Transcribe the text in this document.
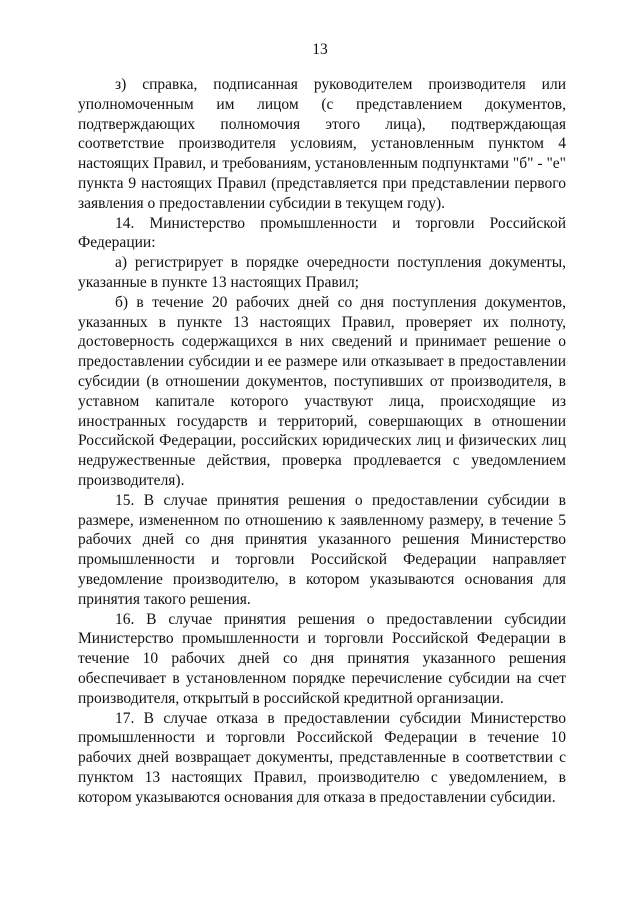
13

з) справка, подписанная руководителем производителя или уполномоченным им лицом (с представлением документов, подтверждающих полномочия этого лица), подтверждающая соответствие производителя условиям, установленным пунктом 4 настоящих Правил, и требованиям, установленным подпунктами "б" - "е" пункта 9 настоящих Правил (представляется при представлении первого заявления о предоставлении субсидии в текущем году).

14. Министерство промышленности и торговли Российской Федерации:

а) регистрирует в порядке очередности поступления документы, указанные в пункте 13 настоящих Правил;

б) в течение 20 рабочих дней со дня поступления документов, указанных в пункте 13 настоящих Правил, проверяет их полноту, достоверность содержащихся в них сведений и принимает решение о предоставлении субсидии и ее размере или отказывает в предоставлении субсидии (в отношении документов, поступивших от производителя, в уставном капитале которого участвуют лица, происходящие из иностранных государств и территорий, совершающих в отношении Российской Федерации, российских юридических лиц и физических лиц недружественные действия, проверка продлевается с уведомлением производителя).

15. В случае принятия решения о предоставлении субсидии в размере, измененном по отношению к заявленному размеру, в течение 5 рабочих дней со дня принятия указанного решения Министерство промышленности и торговли Российской Федерации направляет уведомление производителю, в котором указываются основания для принятия такого решения.

16. В случае принятия решения о предоставлении субсидии Министерство промышленности и торговли Российской Федерации в течение 10 рабочих дней со дня принятия указанного решения обеспечивает в установленном порядке перечисление субсидии на счет производителя, открытый в российской кредитной организации.

17. В случае отказа в предоставлении субсидии Министерство промышленности и торговли Российской Федерации в течение 10 рабочих дней возвращает документы, представленные в соответствии с пунктом 13 настоящих Правил, производителю с уведомлением, в котором указываются основания для отказа в предоставлении субсидии.
